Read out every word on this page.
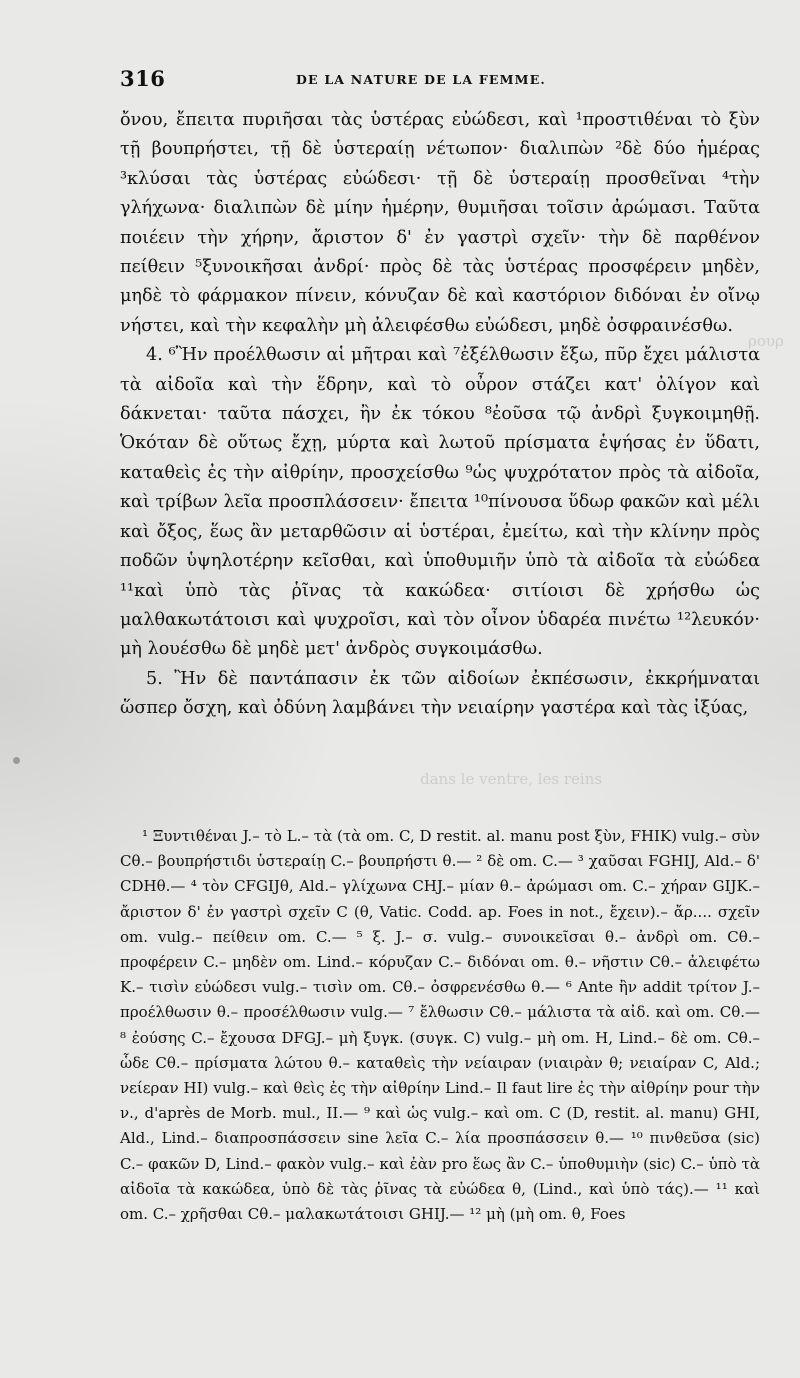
ρουρ
dans le ventre, les reins
316	DE LA NATURE DE LA FEMME.

ὄνου, ἔπειτα πυριῆσαι τὰς ὑστέρας εὐώδεσι, καὶ ¹προστιθέναι τὸ ξὺν τῇ βουπρήστει, τῇ δὲ ὑστεραίῃ νέτωπον· διαλιπὼν ²δὲ δύο ἡμέρας ³κλύσαι τὰς ὑστέρας εὐώδεσι· τῇ δὲ ὑστεραίῃ προσθεῖναι ⁴τὴν γλήχωνα· διαλιπὼν δὲ μίην ἡμέρην, θυμιῆσαι τοῖσιν ἀρώμασι. Ταῦτα ποιέειν τὴν χήρην, ἄριστον δ' ἐν γαστρὶ σχεῖν· τὴν δὲ παρθένον πείθειν ⁵ξυνοικῆσαι ἀνδρί· πρὸς δὲ τὰς ὑστέρας προσφέρειν μηδὲν, μηδὲ τὸ φάρμακον πίνειν, κόνυζαν δὲ καὶ καστόριον διδόναι ἐν οἴνῳ νήστει, καὶ τὴν κεφαλὴν μὴ ἀλειφέσθω εὐώδεσι, μηδὲ ὀσφραινέσθω.

4. ⁶Ἢν προέλθωσιν αἱ μῆτραι καὶ ⁷ἐξέλθωσιν ἔξω, πῦρ ἔχει μάλιστα τὰ αἰδοῖα καὶ τὴν ἕδρην, καὶ τὸ οὖρον στάζει κατ' ὀλίγον καὶ δάκνεται· ταῦτα πάσχει, ἢν ἐκ τόκου ⁸ἐοῦσα τῷ ἀνδρὶ ξυγκοιμηθῇ. Ὁκόταν δὲ οὕτως ἔχῃ, μύρτα καὶ λωτοῦ πρίσματα ἑψήσας ἐν ὕδατι, καταθεὶς ἐς τὴν αἰθρίην, προσχείσθω ⁹ὡς ψυχρότατον πρὸς τὰ αἰδοῖα, καὶ τρίβων λεῖα προσπλάσσειν· ἔπειτα ¹⁰πίνουσα ὕδωρ φακῶν καὶ μέλι καὶ ὄξος, ἕως ἂν μεταρθῶσιν αἱ ὑστέραι, ἐμείτω, καὶ τὴν κλίνην πρὸς ποδῶν ὑψηλοτέρην κεῖσθαι, καὶ ὑποθυμιῆν ὑπὸ τὰ αἰδοῖα τὰ εὐώδεα ¹¹καὶ ὑπὸ τὰς ῥῖνας τὰ κακώδεα· σιτίοισι δὲ χρήσθω ὡς μαλθακωτάτοισι καὶ ψυχροῖσι, καὶ τὸν οἶνον ὑδαρέα πινέτω ¹²λευκόν· μὴ λουέσθω δὲ μηδὲ μετ' ἀνδρὸς συγκοιμάσθω.

5. Ἢν δὲ παντάπασιν ἐκ τῶν αἰδοίων ἐκπέσωσιν, ἐκκρήμναται ὥσπερ ὄσχη, καὶ ὀδύνη λαμβάνει τὴν νειαίρην γαστέρα καὶ τὰς ἰξύας,

¹ Ξυντιθέναι J.– τὸ L.– τὰ (τὰ om. C, D restit. al. manu post ξὺν, FHIK) vulg.– σὺν Cθ.– βουπρήστιδι ὑστεραίῃ C.– βουπρήστι θ.— ² δὲ om. C.— ³ χαῦσαι FGHIJ, Ald.– δ' CDHθ.— ⁴ τὸν CFGIJθ, Ald.– γλίχωνα CHJ.– μίαν θ.– ἀρώμασι om. C.– χήραν GIJK.– ἄριστον δ' ἐν γαστρὶ σχεῖν C (θ, Vatic. Codd. ap. Foes in not., ἔχειν).– ἄρ.... σχεῖν om. vulg.– πείθειν om. C.— ⁵ ξ. J.– σ. vulg.– συνοικεῖσαι θ.– ἀνδρὶ om. Cθ.– προφέρειν C.– μηδὲν om. Lind.– κόρυζαν C.– διδόναι om. θ.– νῆστιν Cθ.– ἀλειφέτω K.– τισὶν εὐώδεσι vulg.– τισὶν om. Cθ.– ὀσφρενέσθω θ.— ⁶ Ante ἢν addit τρίτον J.– προέλθωσιν θ.– προσέλθωσιν vulg.— ⁷ ἔλθωσιν Cθ.– μάλιστα τὰ αἰδ. καὶ om. Cθ.— ⁸ ἐούσης C.– ἔχουσα DFGJ.– μὴ ξυγκ. (συγκ. C) vulg.– μὴ om. H, Lind.– δὲ om. Cθ.– ὧδε Cθ.– πρίσματα λώτου θ.– καταθεὶς τὴν νείαιραν (νιαιρὰν θ; νειαίραν C, Ald.; νείεραν HI) vulg.– καὶ θεὶς ἐς τὴν αἰθρίην Lind.– Il faut lire ἐς τὴν αἰθρίην pour τὴν ν., d'après de Morb. mul., II.— ⁹ καὶ ὡς vulg.– καὶ om. C (D, restit. al. manu) GHI, Ald., Lind.– διαπροσπάσσειν sine λεῖα C.– λία προσπάσσειν θ.— ¹⁰ πινθεῦσα (sic) C.– φακῶν D, Lind.– φακὸν vulg.– καὶ ἐὰν pro ἕως ἂν C.– ὑποθυμιὴν (sic) C.– ὑπὸ τὰ αἰδοῖα τὰ κακώδεα, ὑπὸ δὲ τὰς ῥῖνας τὰ εὐώδεα θ, (Lind., καὶ ὑπὸ τάς).— ¹¹ καὶ om. C.– χρῆσθαι Cθ.– μαλακωτάτοισι GHIJ.— ¹² μὴ (μὴ om. θ, Foes
